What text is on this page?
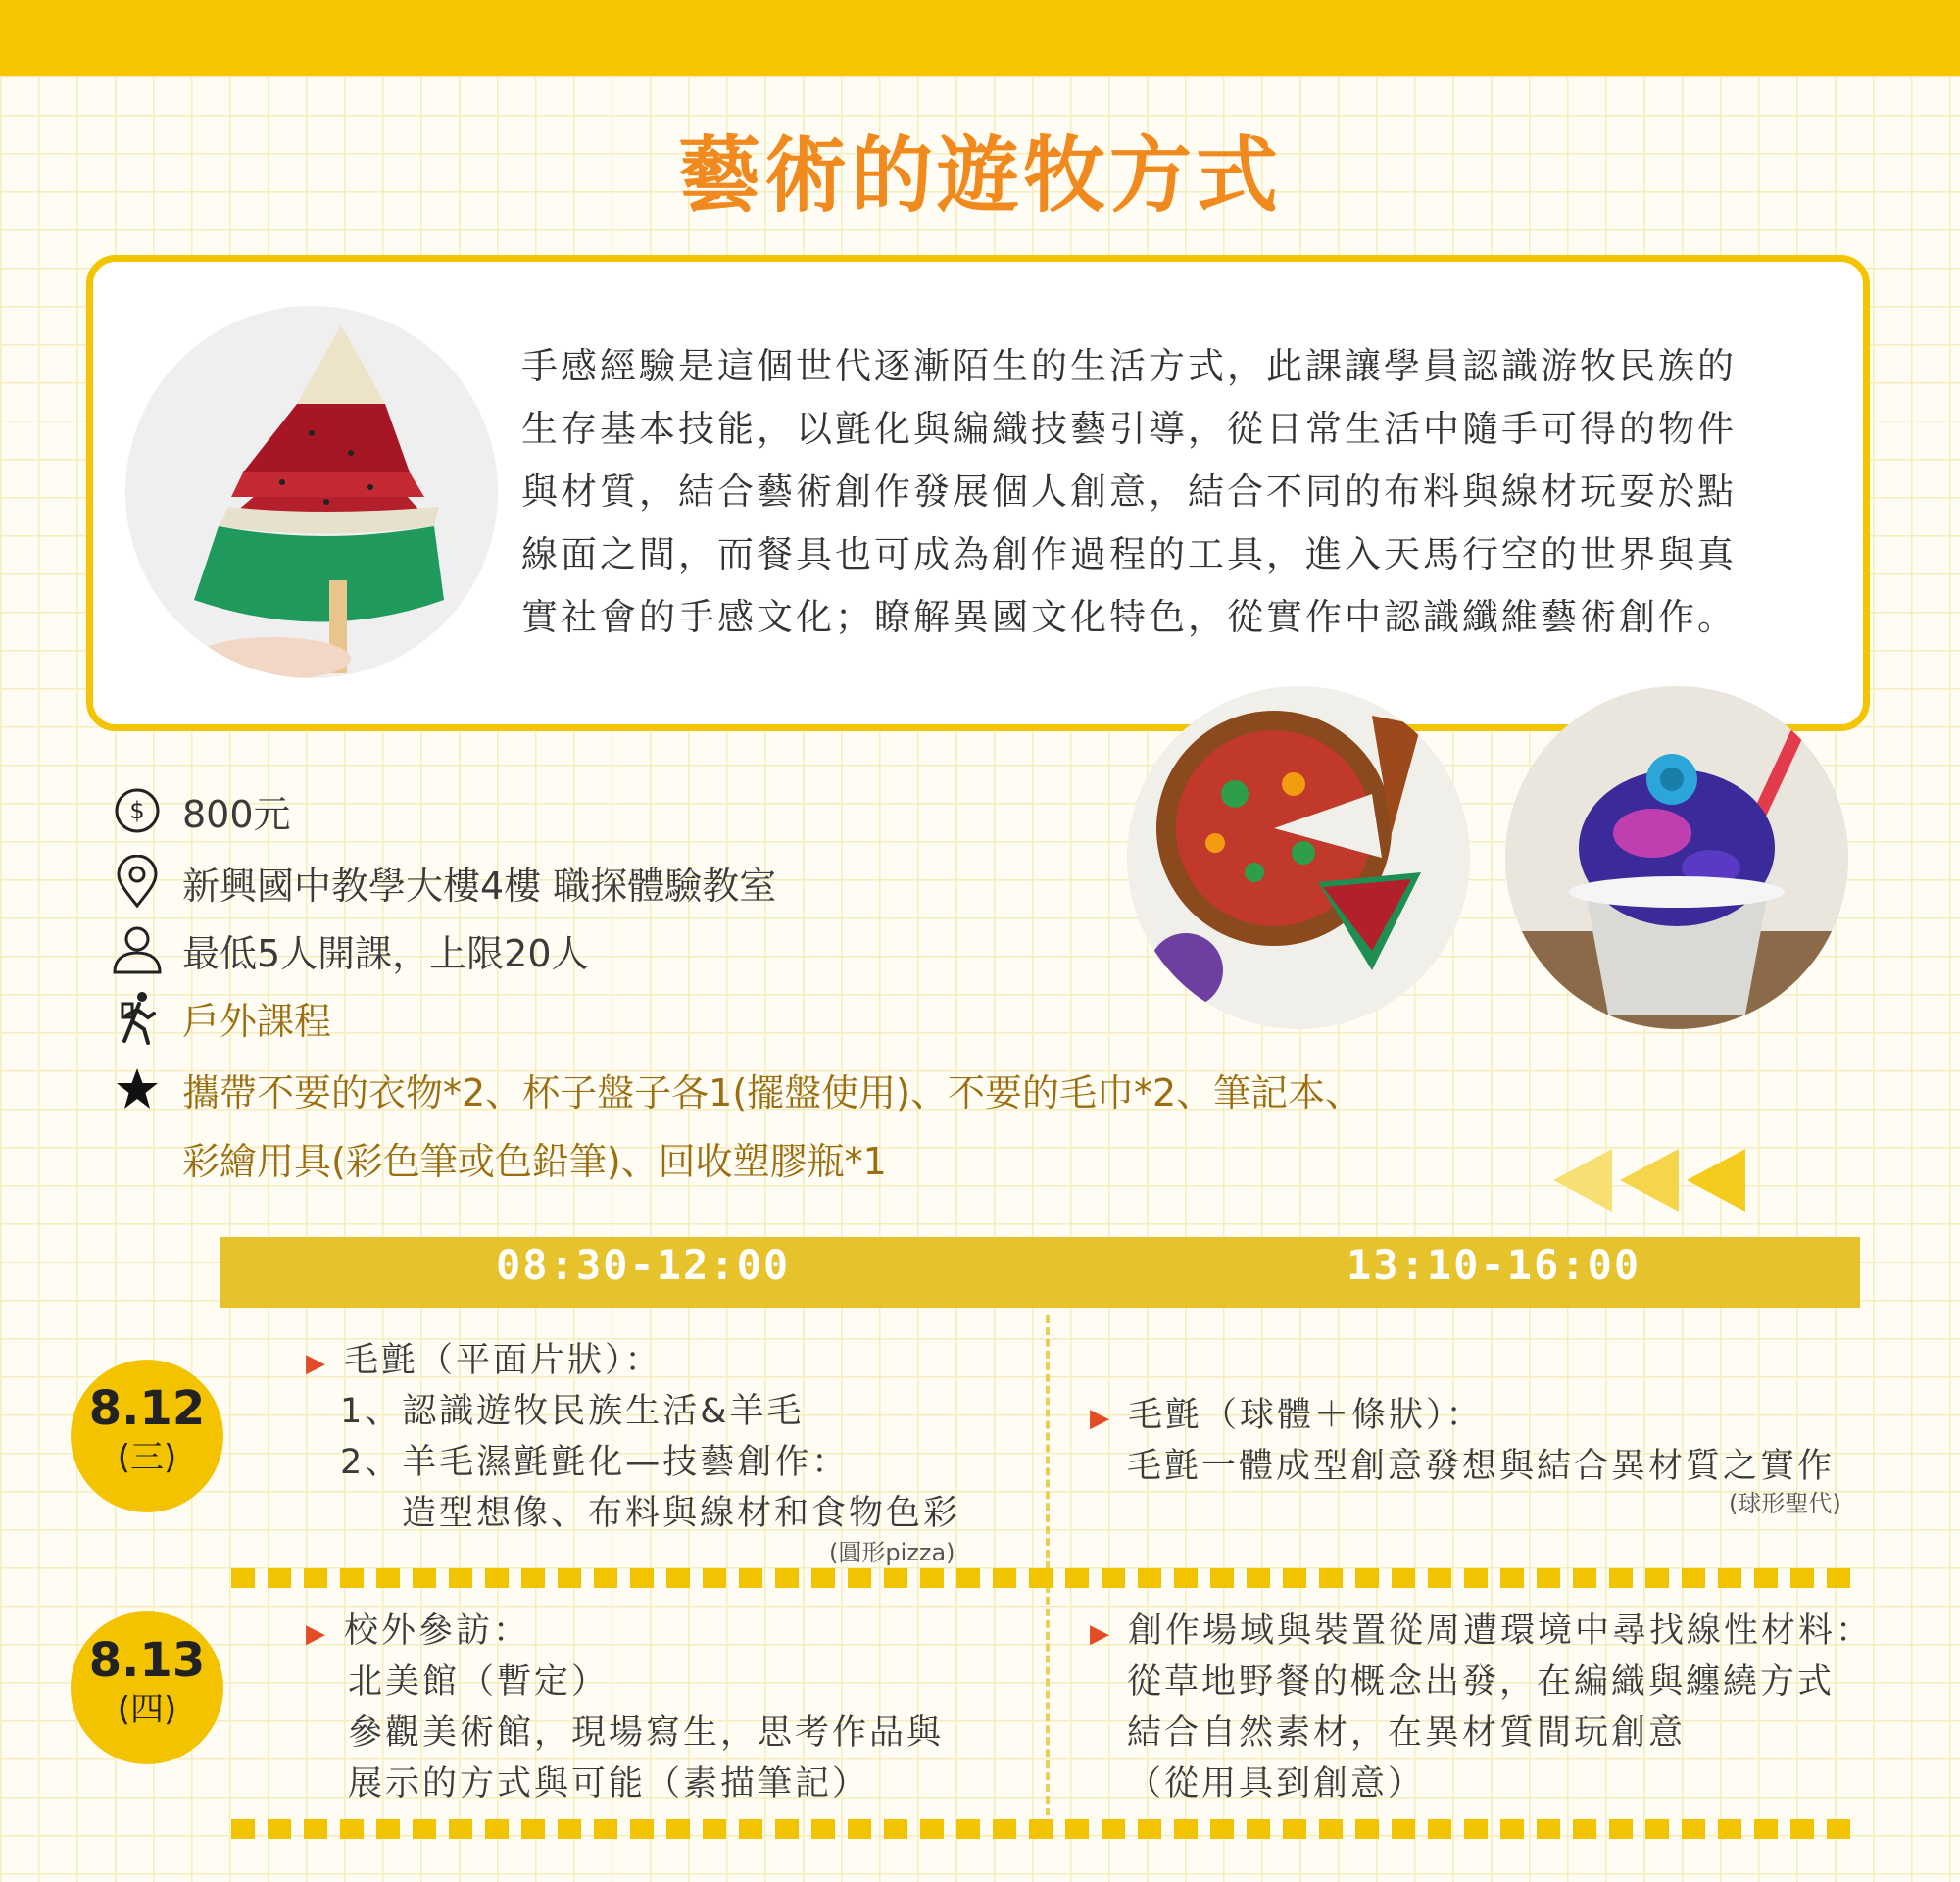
藝術的遊牧方式

手感經驗是這個世代逐漸陌生的生活方式，此課讓學員認識游牧民族的
生存基本技能，以氈化與編織技藝引導，從日常生活中隨手可得的物件
與材質，結合藝術創作發展個人創意，結合不同的布料與線材玩耍於點
線面之間，而餐具也可成為創作過程的工具，進入天馬行空的世界與真
實社會的手感文化；瞭解異國文化特色，從實作中認識纖維藝術創作。

$ 800元
新興國中教學大樓4樓 職探體驗教室
最低5人開課，上限20人
戶外課程
攜帶不要的衣物*2、杯子盤子各1(擺盤使用)、不要的毛巾*2、筆記本、

彩繪用具(彩色筆或色鉛筆)、回收塑膠瓶*1

08:30-12:00	13:10-16:00
8.12
(三)
▶ 毛氈（平面片狀）：
1、認識遊牧民族生活&羊毛
2、羊毛濕氈氈化—技藝創作：
造型想像、布料與線材和食物色彩
(圓形pizza)
▶ 毛氈（球體＋條狀）：
毛氈一體成型創意發想與結合異材質之實作
(球形聖代)
8.13
(四)
▶ 校外參訪：
北美館（暫定）
參觀美術館，現場寫生，思考作品與
展示的方式與可能（素描筆記）
▶ 創作場域與裝置從周遭環境中尋找線性材料：
從草地野餐的概念出發，在編織與纏繞方式
結合自然素材，在異材質間玩創意
（從用具到創意）
